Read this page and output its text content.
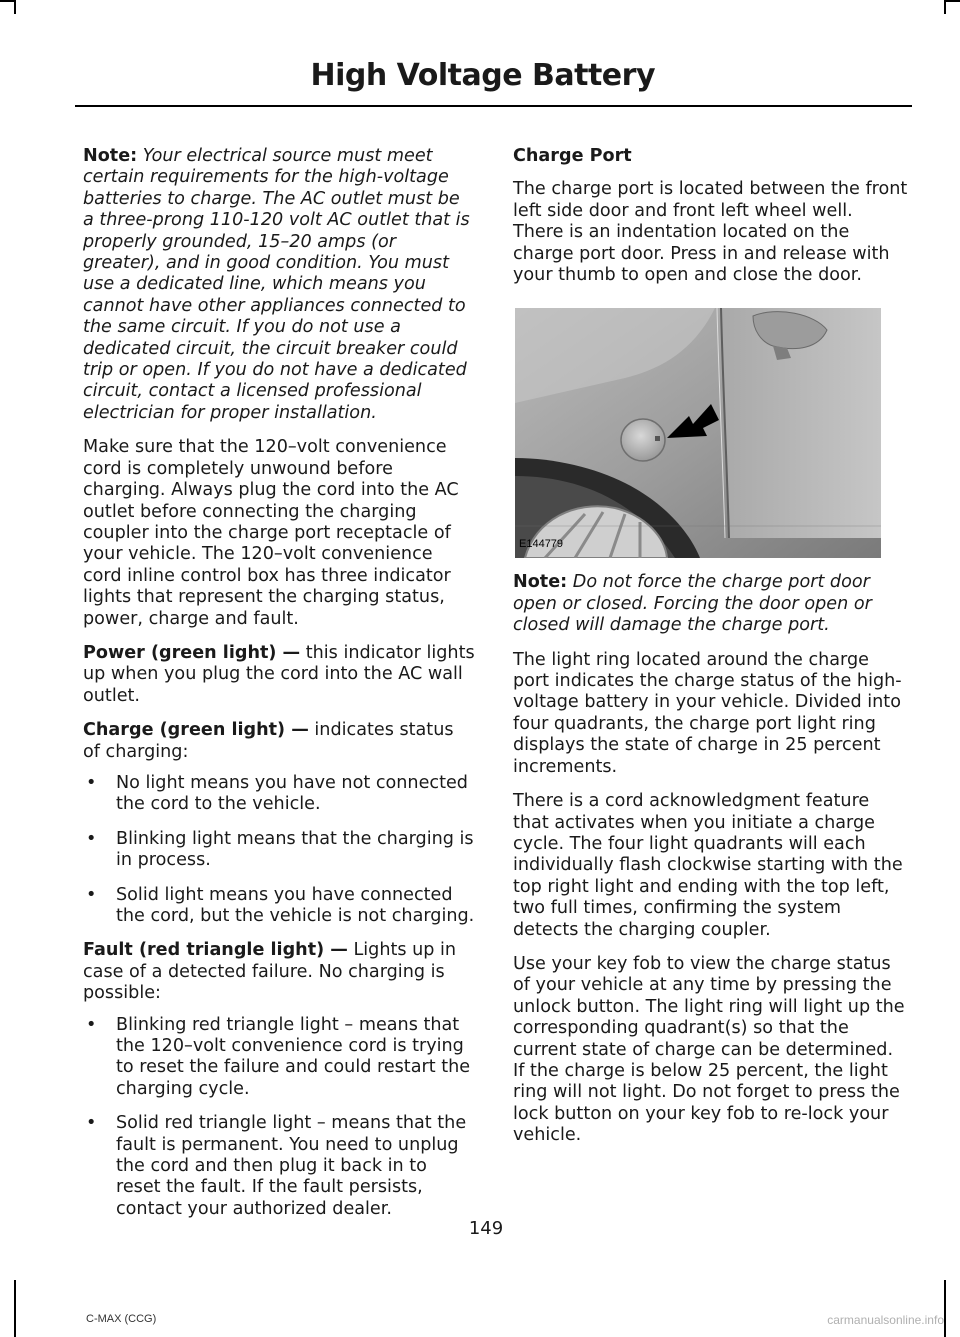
High Voltage Battery

Note: Your electrical source must meet certain requirements for the high-voltage batteries to charge. The AC outlet must be a three-prong 110-120 volt AC outlet that is properly grounded, 15–20 amps (or greater), and in good condition. You must use a dedicated line, which means you cannot have other appliances connected to the same circuit. If you do not use a dedicated circuit, the circuit breaker could trip or open. If you do not have a dedicated circuit, contact a licensed professional electrician for proper installation.

Make sure that the 120–volt convenience cord is completely unwound before charging. Always plug the cord into the AC outlet before connecting the charging coupler into the charge port receptacle of your vehicle. The 120–volt convenience cord inline control box has three indicator lights that represent the charging status, power, charge and fault.

Power (green light) — this indicator lights up when you plug the cord into the AC wall outlet.

Charge (green light) — indicates status of charging:

• No light means you have not connected the cord to the vehicle.
• Blinking light means that the charging is in process.
• Solid light means you have connected the cord, but the vehicle is not charging.

Fault (red triangle light) — Lights up in case of a detected failure. No charging is possible:

• Blinking red triangle light – means that the 120–volt convenience cord is trying to reset the failure and could restart the charging cycle.
• Solid red triangle light – means that the fault is permanent. You need to unplug the cord and then plug it back in to reset the fault. If the fault persists, contact your authorized dealer.
Charge Port

The charge port is located between the front left side door and front left wheel well. There is an indentation located on the charge port door. Press in and release with your thumb to open and close the door.

E144779

Note: Do not force the charge port door open or closed. Forcing the door open or closed will damage the charge port.

The light ring located around the charge port indicates the charge status of the high-voltage battery in your vehicle. Divided into four quadrants, the charge port light ring displays the state of charge in 25 percent increments.

There is a cord acknowledgment feature that activates when you initiate a charge cycle. The four light quadrants will each individually flash clockwise starting with the top right light and ending with the top left, two full times, confirming the system detects the charging coupler.

Use your key fob to view the charge status of your vehicle at any time by pressing the unlock button. The light ring will light up the corresponding quadrant(s) so that the current state of charge can be determined. If the charge is below 25 percent, the light ring will not light. Do not forget to press the lock button on your key fob to re-lock your vehicle.

149
C-MAX (CCG)	carmanualsonline.info
